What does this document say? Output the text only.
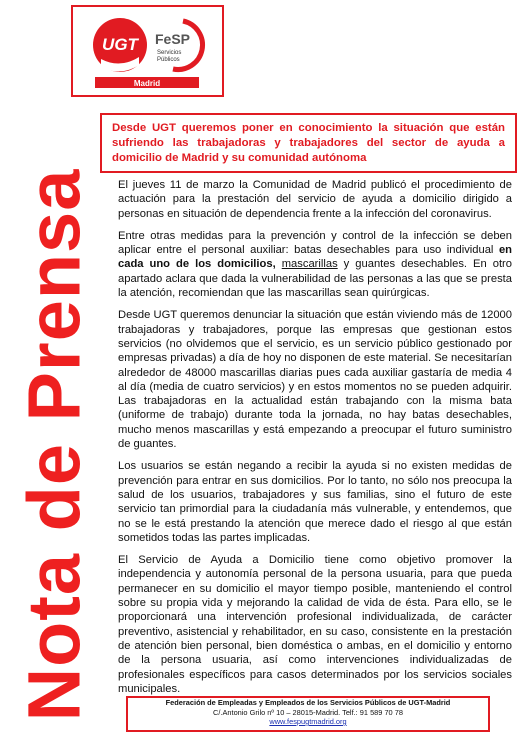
UGT FeSP
Servicios
Públicos
Madrid
Nota de Prensa

Desde UGT queremos poner en conocimiento la situación que están sufriendo las trabajadoras y trabajadores del sector de ayuda a domicilio de Madrid y su comunidad autónoma

El jueves 11 de marzo la Comunidad de Madrid publicó el procedimiento de actuación para la prestación del servicio de ayuda a domicilio dirigido a personas en situación de dependencia frente a la infección del coronavirus.

Entre otras medidas para la prevención y control de la infección se deben aplicar entre el personal auxiliar: batas desechables para uso individual en cada uno de los domicilios, mascarillas y guantes desechables. En otro apartado aclara que dada la vulnerabilidad de las personas a las que se presta la atención, recomiendan que las mascarillas sean quirúrgicas.

Desde UGT queremos denunciar la situación que están viviendo más de 12000 trabajadoras y trabajadores, porque las empresas que gestionan estos servicios (no olvidemos que el servicio, es un servicio público gestionado por empresas privadas) a día de hoy no disponen de este material. Se necesitarían alrededor de 48000 mascarillas diarias pues cada auxiliar gastaría de media 4 al día (media de cuatro servicios) y en estos momentos no se pueden adquirir. Las trabajadoras en la actualidad están trabajando con la misma bata (uniforme de trabajo) durante toda la jornada, no hay batas desechables, mucho menos mascarillas y está empezando a preocupar el futuro suministro de guantes.

Los usuarios se están negando a recibir la ayuda si no existen medidas de prevención para entrar en sus domicilios. Por lo tanto, no sólo nos preocupa la salud de los usuarios, trabajadores y sus familias, sino el futuro de este servicio tan primordial para la ciudadanía más vulnerable, y entendemos, que no se le está prestando la atención que merece dado el riesgo al que están sometidos todas las partes implicadas.

El Servicio de Ayuda a Domicilio tiene como objetivo promover la independencia y autonomía personal de la persona usuaria, para que pueda permanecer en su domicilio el mayor tiempo posible, manteniendo el control sobre su propia vida y mejorando la calidad de vida de ésta. Para ello, se le proporcionará una intervención profesional individualizada, de carácter preventivo, asistencial y rehabilitador, en su caso, consistente en la prestación de atención bien personal, bien doméstica o ambas, en el domicilio y entorno de la persona usuaria, así como intervenciones individualizadas de profesionales específicos para casos determinados por los servicios sociales municipales.

Federación de Empleadas y Empleados de los Servicios Públicos de UGT-Madrid
C/.Antonio Grilo nº 10 – 28015-Madrid. Telf.: 91 589 70 78
www.fespugtmadrid.org
